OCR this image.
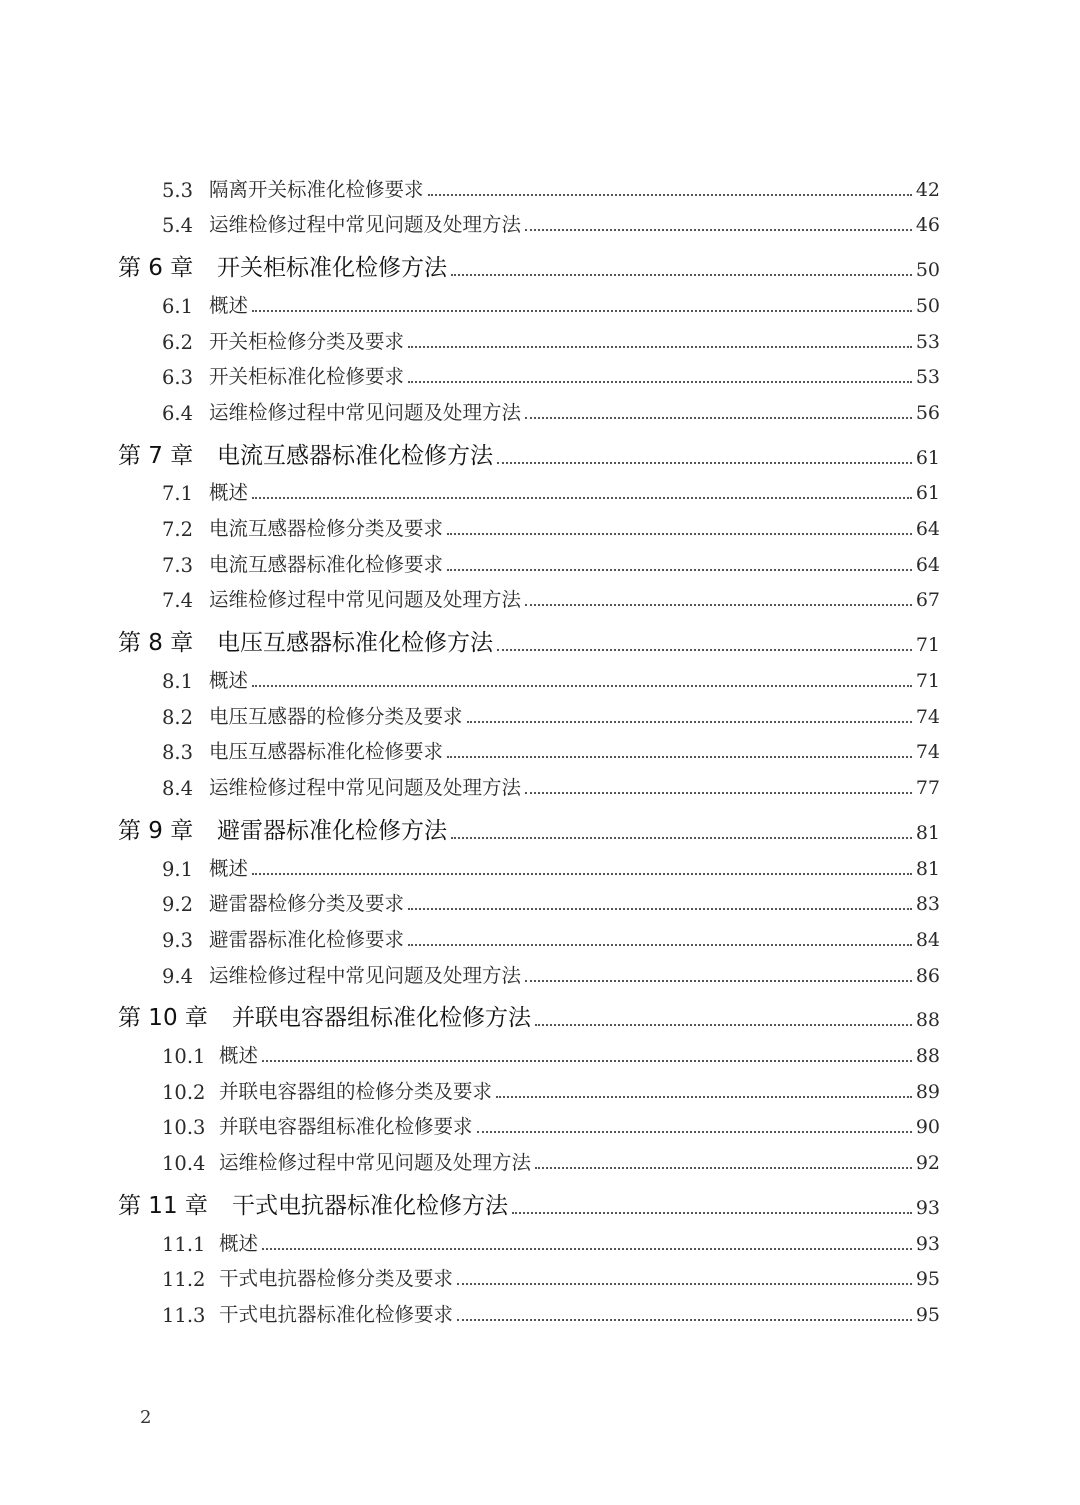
5.3 隔离开关标准化检修要求	42
5.4 运维检修过程中常见问题及处理方法	46
第 6 章	开关柜标准化检修方法	50
6.1 概述	50
6.2 开关柜检修分类及要求	53
6.3 开关柜标准化检修要求	53
6.4 运维检修过程中常见问题及处理方法	56
第 7 章	电流互感器标准化检修方法	61
7.1 概述	61
7.2 电流互感器检修分类及要求	64
7.3 电流互感器标准化检修要求	64
7.4 运维检修过程中常见问题及处理方法	67
第 8 章	电压互感器标准化检修方法	71
8.1 概述	71
8.2 电压互感器的检修分类及要求	74
8.3 电压互感器标准化检修要求	74
8.4 运维检修过程中常见问题及处理方法	77
第 9 章	避雷器标准化检修方法	81
9.1 概述	81
9.2 避雷器检修分类及要求	83
9.3 避雷器标准化检修要求	84
9.4 运维检修过程中常见问题及处理方法	86
第 10 章	并联电容器组标准化检修方法	88
10.1 概述	88
10.2 并联电容器组的检修分类及要求	89
10.3 并联电容器组标准化检修要求	90
10.4 运维检修过程中常见问题及处理方法	92
第 11 章	干式电抗器标准化检修方法	93
11.1 概述	93
11.2 干式电抗器检修分类及要求	95
11.3 干式电抗器标准化检修要求	95
2
